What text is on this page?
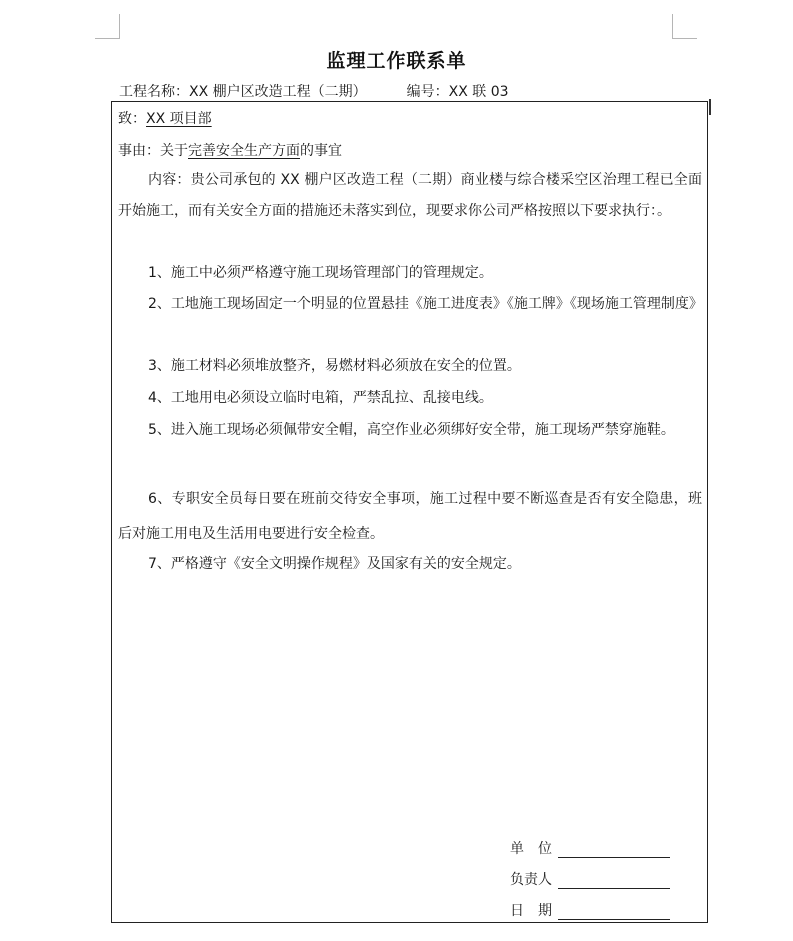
监理工作联系单
工程名称：XX 棚户区改造工程（二期）	编号：XX 联 03
致：XX 项目部
事由：关于完善安全生产方面的事宜
内容：贵公司承包的 XX 棚户区改造工程（二期）商业楼与综合楼采空区治理工程已全面开始施工，而有关安全方面的措施还未落实到位，现要求你公司严格按照以下要求执行：。
1、施工中必须严格遵守施工现场管理部门的管理规定。
2、工地施工现场固定一个明显的位置悬挂《施工进度表》《施工牌》《现场施工管理制度》
3、施工材料必须堆放整齐，易燃材料必须放在安全的位置。
4、工地用电必须设立临时电箱，严禁乱拉、乱接电线。
5、进入施工现场必须佩带安全帽，高空作业必须绑好安全带，施工现场严禁穿施鞋。
6、专职安全员每日要在班前交待安全事项，施工过程中要不断巡查是否有安全隐患，班后对施工用电及生活用电要进行安全检查。
7、严格遵守《安全文明操作规程》及国家有关的安全规定。
单　位
负责人
日　期
